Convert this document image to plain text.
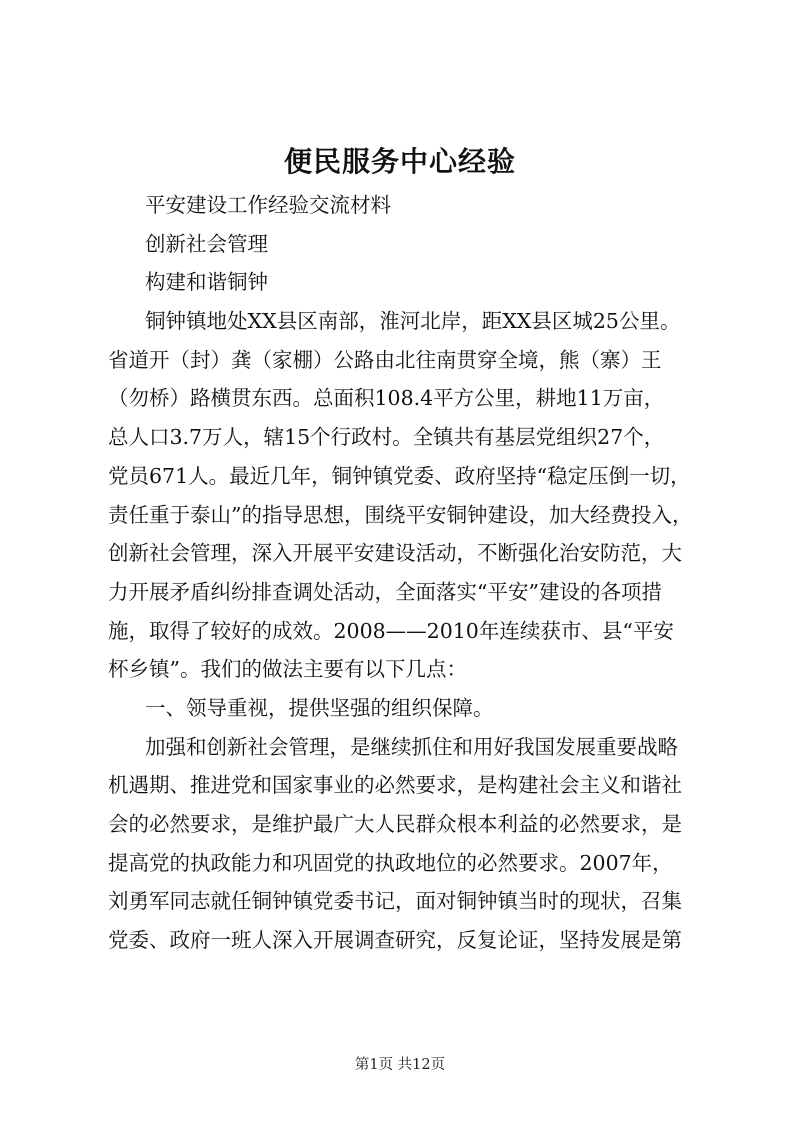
便民服务中心经验
平安建设工作经验交流材料
创新社会管理
构建和谐铜钟
铜钟镇地处XX县区南部，淮河北岸，距XX县区城25公里。
省道开（封）龚（家棚）公路由北往南贯穿全境，熊（寨）王
（勿桥）路横贯东西。总面积108.4平方公里，耕地11万亩，
总人口3.7万人，辖15个行政村。全镇共有基层党组织27个，
党员671人。最近几年，铜钟镇党委、政府坚持“稳定压倒一切，
责任重于泰山”的指导思想，围绕平安铜钟建设，加大经费投入，
创新社会管理，深入开展平安建设活动，不断强化治安防范，大
力开展矛盾纠纷排查调处活动，全面落实“平安”建设的各项措
施，取得了较好的成效。2008——2010年连续获市、县“平安
杯乡镇”。我们的做法主要有以下几点：
一、领导重视，提供坚强的组织保障。
加强和创新社会管理，是继续抓住和用好我国发展重要战略
机遇期、推进党和国家事业的必然要求，是构建社会主义和谐社
会的必然要求，是维护最广大人民群众根本利益的必然要求，是
提高党的执政能力和巩固党的执政地位的必然要求。2007年，
刘勇军同志就任铜钟镇党委书记，面对铜钟镇当时的现状，召集
党委、政府一班人深入开展调查研究，反复论证，坚持发展是第
第1页 共12页
